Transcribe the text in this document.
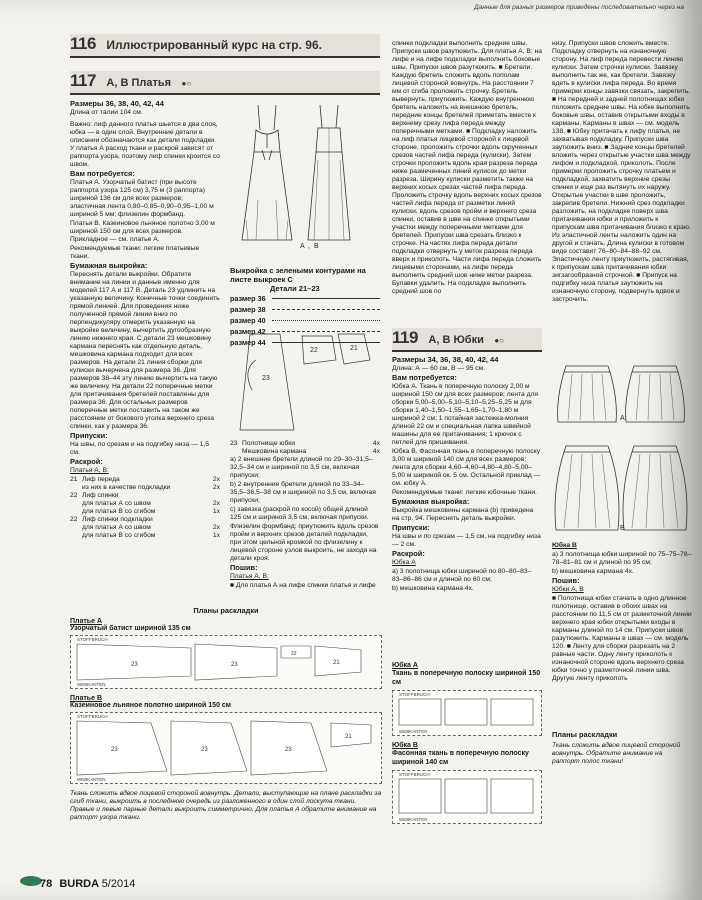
Данные для разных размеров приведены последовательно через на
116 Иллюстрированный курс на стр. 96.
117 А, В Платья ●○

Размеры 36, 38, 40, 42, 44

Длина от талии 104 см.

Важно: лиф данного платья шьется в два слоя, юбка — в один слой. Внутренние детали в описании обозначаются как детали подкладки. У платья А расход ткани и раскрой зависят от раппорта узора, поэтому лиф спинки кроится со швом.

Вам потребуется:

Платья А. Узорчатый батист (при высоте раппорта узора 125 см) 3,75 м (3 раппорта) шириной 136 см для всех размеров; эластичная лента 0,80–0,85–0,90–0,95–1,00 м шириной 5 мм; флизелин формбанд.

Платья В. Казеиновое льняное полотно 3,00 м шириной 150 см для всех размеров. Прикладное — см. платье А.

Рекомендуемые ткани: легкие платьевые ткани.

Бумажная выкройка:

Переснять детали выкройки. Обратите внимание на линии и данные именно для моделей 117 А и 117 В. Деталь 23 удлинить на указанную величину. Конечные точки соединить прямой линией. Для проведения ниже полученной прямой линии вниз по перпендикуляру отмерить указанную на выкройке величину, вычертить дугообразную линию нижнего края. С детали 23 мешковину кармана переснять как отдельную деталь, мешковина кармана подходит для всех размеров. На детали 21 линия сборки для кулиски вычерчена для размера 36. Для размеров 38–44 эту линию вычертить на такую же величину. На детали 22 поперечные метки для притачивания бретелей поставлены для размера 36. Для остальных размеров поперечные метки поставить на таком же расстоянии от бокового уголка верхнего среза спинки, как у размера 36.

Припуски:

На швы, по срезам и на подгибку низа — 1,5 см.

Раскрой:

Платья А, В:

21 Лиф переда	2х
из них в качестве подкладки	2х
22 Лиф спинки
для платья А со швом	2х
для платья В со сгибом	1х
22 Лиф спинки подкладки
для платья А со швом	2х
для платья В со сгибом	1х
А , В
Выкройка с зелеными контурами на листе выкроек С
Детали 21–23
размер 36
размер 38
размер 40
размер 42
размер 44
23
22	21
23 Полотнище юбки	4х
Мешковина кармана	4х

а) 2 внешние бретели длиной по 29–30–31,5–32,5–34 см и шириной по 3,5 см, включая припуски;

b) 2 внутренние бретели длиной по 33–34–35,5–36,5–38 см и шириной по 3,5 см, включая припуски;

c) завязка (раскрой по косой) общей длиной 125 см и шириной 3,5 см, включая припуски.

Флизелин формбанд: приутюжить вдоль срезов пройм и верхних срезов деталей подкладки, при этом цельной кромкой по флизелину к лицевой стороне узлов выкроить, не заходя на детали кроя.

Пошив:

Платья А, В:

■ Для платья А на лифе спинки платья и лифе

Планы раскладки
Платье А
Узорчатый батист шириной 135 см
STOFFBRUCH
WEBKANTEN
23	23
22
21
Платье В
Казеиновое льняное полотно шириной 150 см
STOFFBRUCH
WEBKANTEN
23	23	23
21
Ткань сложить вдвое лицевой стороной вовнутрь. Детали, выступающие на плане раскладки за сгиб ткани, выкроить в последнюю очередь из разложенного в один слой лоскута ткани. Правые и левые парные детали выкроить симметрично. Для платья А обратите внимание на раппорт узора ткани.

спинки подкладки выполнить средние швы. Припуски швов разутюжить. Для платья А, В: на лифе и на лифе подкладки выполнить боковые швы. Припуски швов разутюжить. ■ Бретели. Каждую бретель сложить вдоль пополам лицевой стороной вовнутрь. На расстоянии 7 мм от сгиба проложить строчку. Бретель вывернуть, приутюжить. Каждую внутреннюю бретель наложить на внешнюю бретель, передние концы бретелей приметать вместе к верхнему срезу лифа переда между поперечными метками. ■ Подкладку наложить на лиф платья лицевой стороной к лицевой стороне, проложить строчки вдоль скрученных срезов частей лифа переда (кулиски). Затем строчки проложить вдоль края разреза переда ниже размеченных линий кулисок до метки разреза. Ширину кулиски разметить также на верхних косых срезах частей лифа переда. Проложить строчку вдоль верхних косых срезов частей лифа переда от разметки линий кулиски, вдоль срезов пройм и верхнего среза спинки, оставив в шве на спинке открытыми участки между поперечными метками для бретелей. Припуски шва срезать близко к строчке. На частях лифа переда детали подкладки отвернуть у меток разреза переда вверх и приколоть. Части лифа переда сложить лицевыми сторонами, на лифе переда выполнить средний шов ниже метки разреза. Булавки удалить. На подкладке выполнить средний шов по

низу. Припуски швов сложить вместе. Подкладку отвернуть на изнаночную сторону. На лиф переда перевести линию кулиски. Затем строчки кулиски. Завязку выполнить так же, как бретели. Завязку вдеть в кулиски лифа переда. Во время примерки концы завязки связать, закрепить. ■ На передней и задней полотнищах юбки положить средние швы. На юбке выполнить боковые швы, оставив открытыми входы в карманы. Карманы в швах — см. модель 138. ■ Юбку притачать к лифу платья, не захватывая подкладку. Припуски шва заутюжить вниз. ■ Задние концы бретелей вложить через открытые участки шва между лифом и подкладкой, приколоть. После примерки проложить строчку платьем и подкладкой, захватить верхние срезы спинки и еще раз вытянуть их наружу. Открытые участки в шве проложить, закрепив бретели. Нижний срез подкладки разложить, на подкладке поверх шва притачивания юбки и приложить к припускам шва притачивания близко к краю. Из эластичной ленты наложить один на другой и стачать. Длина кулиски в готовом виде составит 76–80–84–88–92 см. Эластичную ленту приутюжить, растягивая, к припускам шва притачивания юбки зигзагообразной строчкой. ■ Припуск на подгибку низа платья заутюжить на изнаночную сторону, подвернуть вдвое и застрочить.

119 А, В Юбки ●○

Размеры 34, 36, 38, 40, 42, 44

Длина: А — 60 см, В — 95 см.

Вам потребуется:

Юбка А. Ткань в поперечную полоску 2,00 м шириной 150 см для всех размеров; лента для сборки 5,00–5,00–5,10–5,10–5,25–5,25 м для сборки 1,40–1,50–1,55–1,65–1,70–1,80 м шириной 2 см; 1 потайная застежка-молния длиной 22 см и специальная лапка швейной машины для ее притачивания; 1 крючок с петлей для пришивания.

Юбка В. Фасонная ткань в поперечную полоску 3,00 м шириной 140 см для всех размеров; лента для сборки 4,60–4,60–4,80–4,80–5,00–5,00 м шириной ок. 5 см. Остальной приклад — см. юбку А.

Рекомендуемые ткани: легкие юбочные ткани.

Бумажная выкройка:

Выкройка мешковины кармана (b) приведена на стр. 94. Переснять деталь выкройки.

Припуски:

На швы и по срезам — 1,5 см, на подгибку низа — 2 см.

Раскрой:

Юбка А

а) 3 полотнища юбки шириной по 80–80–83–83–86–86 см и длиной по 60 см;

b) мешковина кармана 4х.

Юбка А
Ткань в поперечную полоску шириной 150 см
STOFFBRUCH
WEBKANTEN
Юбка В
Фасонная ткань в поперечную полоску шириной 140 см
STOFFBRUCH
WEBKANTEN
А
В

Юбка В

а) 3 полотнища юбки шириной по 75–75–78–78–81–81 см и длиной по 95 см;

b) мешковина кармана 4х.

Пошив:

Юбки А, В

■ Полотнища юбки стачать в одно длинное полотнище, оставив в обоих швах на расстоянии по 11,5 см от разметочной линии верхнего края юбки открытыми входы в карманы длиной по 14 см. Припуски швов разутюжить. Карманы в швах — см. модель 120. ■ Ленту для сборки разрезать на 2 равные части. Одну ленту приколоть к изнаночной стороне вдоль верхнего среза юбки точно у разметочной линии шва. Другую ленту приколоть

Планы раскладки
Ткань сложить вдвое лицевой стороной вовнутрь. Обратите внимание на раппорт полос ткани!
78 BURDA 5/2014
